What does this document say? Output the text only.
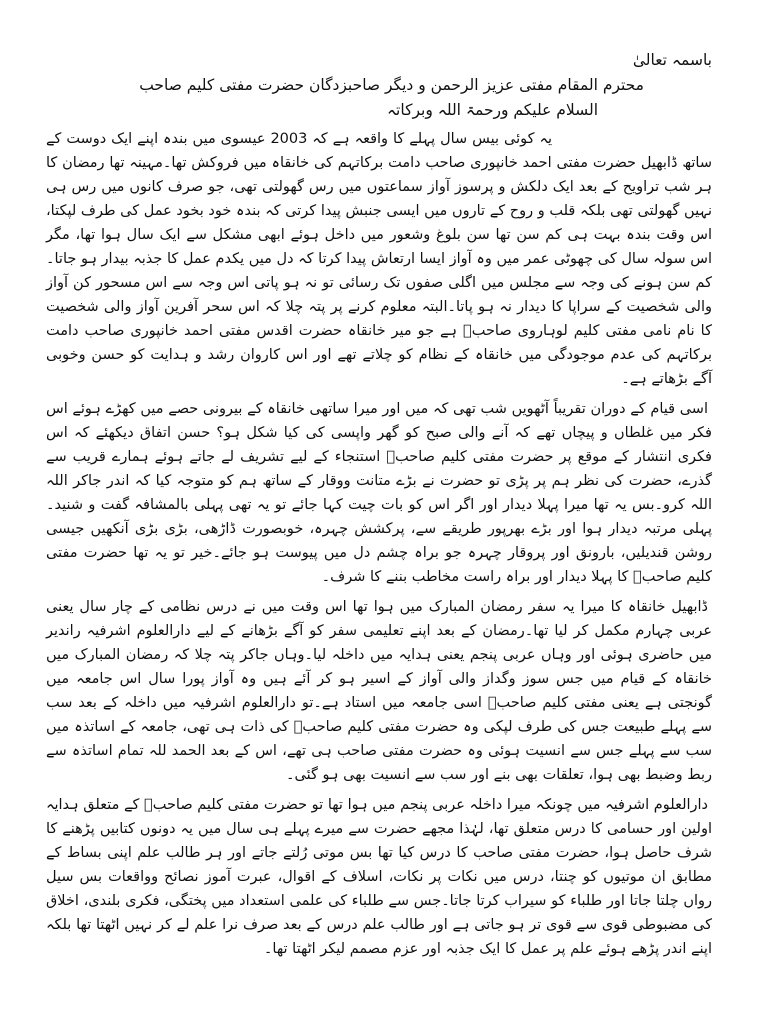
باسمہ تعالیٰ

محترم المقام مفتی عزیز الرحمن و دیگر صاحبزدگان حضرت مفتی کلیم صاحب

السلام علیکم ورحمۃ اللہ وبرکاتہ

یہ کوئی بیس سال پہلے کا واقعہ ہے کہ 2003 عیسوی میں بندہ اپنے ایک دوست کے ساتھ ڈابھیل حضرت مفتی احمد خانپوری صاحب دامت برکاتہم کی خانقاہ میں فروکش تھا۔مہینہ تھا رمضان کا ہر شب تراویح کے بعد ایک دلکش و پرسوز آواز سماعتوں میں رس گھولتی تھی، جو صرف کانوں میں رس ہی نہیں گھولتی تھی بلکہ قلب و روح کے تاروں میں ایسی جنبش پیدا کرتی کہ بندہ خود بخود عمل کی طرف لپکتا، اس وقت بندہ بہت ہی کم سن تھا سن بلوغ وشعور میں داخل ہوئے ابھی مشکل سے ایک سال ہوا تھا، مگر اس سولہ سال کی چھوٹی عمر میں وہ آواز ایسا ارتعاش پیدا کرتا کہ دل میں یکدم عمل کا جذبہ بیدار ہو جاتا۔کم سن ہونے کی وجہ سے مجلس میں اگلی صفوں تک رسائی تو نہ ہو پاتی اس وجہ سے اس مسحور کن آواز والی شخصیت کے سراپا کا دیدار نہ ہو پاتا۔البتہ معلوم کرنے پر پتہ چلا کہ اس سحر آفرین آواز والی شخصیت کا نام نامی مفتی کلیم لوہاروی صاحبؒ ہے جو میر خانقاہ حضرت اقدس مفتی احمد خانپوری صاحب دامت برکاتہم کی عدم موجودگی میں خانقاہ کے نظام کو چلاتے تھے اور اس کاروان رشد و ہدایت کو حسن وخوبی آگے بڑھاتے ہے۔

اسی قیام کے دوران تقریباً آٹھویں شب تھی کہ میں اور میرا ساتھی خانقاہ کے بیرونی حصے میں کھڑے ہوئے اس فکر میں غلطاں و پیچاں تھے کہ آنے والی صبح کو گھر واپسی کی کیا شکل ہو؟ حسن اتفاق دیکھئے کہ اس فکری انتشار کے موقع پر حضرت مفتی کلیم صاحبؒ استنجاء کے لیے تشریف لے جاتے ہوئے ہمارے قریب سے گذرے، حضرت کی نظر ہم پر پڑی تو حضرت نے بڑے متانت ووقار کے ساتھ ہم کو متوجہ کیا کہ اندر جاکر اللہ اللہ کرو۔بس یہ تھا میرا پہلا دیدار اور اگر اس کو بات چیت کہا جائے تو یہ تھی پہلی بالمشافہ گفت و شنید۔پہلی مرتبہ دیدار ہوا اور بڑے بھرپور طریقے سے، پرکشش چہرہ، خوبصورت ڈاڑھی، بڑی بڑی آنکھیں جیسی روشن قندیلیں، بارونق اور پروقار چہرہ جو براہ چشم دل میں پیوست ہو جائے۔خیر تو یہ تھا حضرت مفتی کلیم صاحبؒ کا پہلا دیدار اور براہ راست مخاطب بننے کا شرف۔

ڈابھیل خانقاہ کا میرا یہ سفر رمضان المبارک میں ہوا تھا اس وقت میں نے درس نظامی کے چار سال یعنی عربی چہارم مکمل کر لیا تھا۔رمضان کے بعد اپنے تعلیمی سفر کو آگے بڑھانے کے لیے دارالعلوم اشرفیہ راندیر میں حاضری ہوئی اور وہاں عربی پنجم یعنی ہدایہ میں داخلہ لیا۔وہاں جاکر پتہ چلا کہ رمضان المبارک میں خانقاہ کے قیام میں جس سوز وگداز والی آواز کے اسیر ہو کر آئے ہیں وہ آواز پورا سال اس جامعہ میں گونجتی ہے یعنی مفتی کلیم صاحبؒ اسی جامعہ میں استاد ہے۔تو دارالعلوم اشرفیہ میں داخلہ کے بعد سب سے پہلے طبیعت جس کی طرف لپکی وہ حضرت مفتی کلیم صاحبؒ کی ذات ہی تھی، جامعہ کے اساتذہ میں سب سے پہلے جس سے انسیت ہوئی وہ حضرت مفتی صاحب ہی تھے، اس کے بعد الحمد للہ تمام اساتذہ سے ربط وضبط بھی ہوا، تعلقات بھی بنے اور سب سے انسیت بھی ہو گئی۔

دارالعلوم اشرفیہ میں چونکہ میرا داخلہ عربی پنجم میں ہوا تھا تو حضرت مفتی کلیم صاحبؒ کے متعلق ہدایہ اولین اور حسامی کا درس متعلق تھا، لہٰذا مجھے حضرت سے میرے پہلے ہی سال میں یہ دونوں کتابیں پڑھنے کا شرف حاصل ہوا، حضرت مفتی صاحب کا درس کیا تھا بس موتی رُلتے جاتے اور ہر طالب علم اپنی بساط کے مطابق ان موتیوں کو چنتا، درس میں نکات پر نکات، اسلاف کے اقوال، عبرت آموز نصائح وواقعات بس سیل رواں چلتا جاتا اور طلباء کو سیراب کرتا جاتا۔جس سے طلباء کی علمی استعداد میں پختگی، فکری بلندی، اخلاق کی مضبوطی قوی سے قوی تر ہو جاتی ہے اور طالب علم درس کے بعد صرف نرا علم لے کر نہیں اٹھتا تھا بلکہ اپنے اندر پڑھے ہوئے علم پر عمل کا ایک جذبہ اور عزم مصمم لیکر اٹھتا تھا۔
